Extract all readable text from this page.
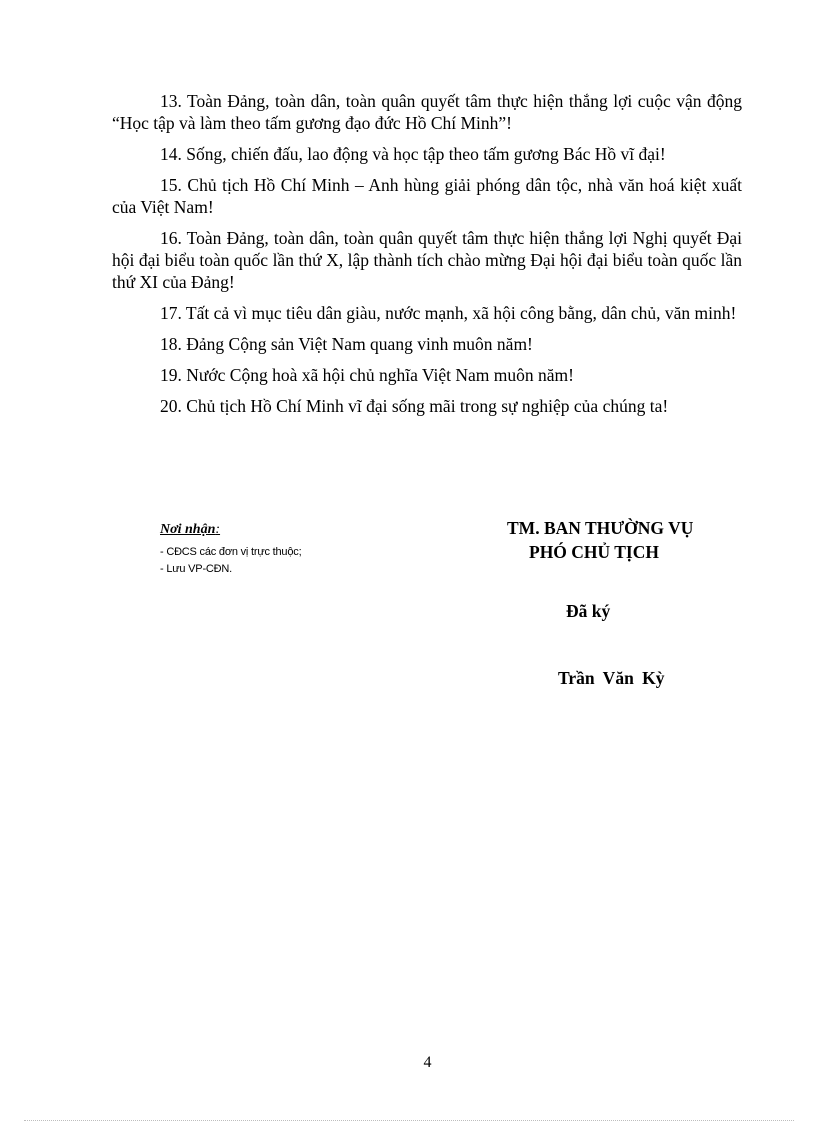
13. Toàn Đảng, toàn dân, toàn quân quyết tâm thực hiện thắng lợi cuộc vận động “Học tập và làm theo tấm gương đạo đức Hồ Chí Minh”!

14. Sống, chiến đấu, lao động và học tập theo tấm gương Bác Hồ vĩ đại!

15. Chủ tịch Hồ Chí Minh – Anh hùng giải phóng dân tộc, nhà văn hoá kiệt xuất của Việt Nam!

16. Toàn Đảng, toàn dân, toàn quân quyết tâm thực hiện thắng lợi Nghị quyết Đại hội đại biểu toàn quốc lần thứ X, lập thành tích chào mừng Đại hội đại biểu toàn quốc lần thứ XI của Đảng!

17. Tất cả vì mục tiêu dân giàu, nước mạnh, xã hội công bằng, dân chủ, văn minh!

18. Đảng Cộng sản Việt Nam quang vinh muôn năm!

19. Nước Cộng hoà xã hội chủ nghĩa Việt Nam muôn năm!

20. Chủ tịch Hồ Chí Minh vĩ đại sống mãi trong sự nghiệp của chúng ta!

Nơi nhận:
- CĐCS các đơn vị trực thuộc;
- Lưu VP-CĐN.
TM. BAN THƯỜNG VỤ
PHÓ CHỦ TỊCH
Đã ký
Trần Văn Kỳ
4
